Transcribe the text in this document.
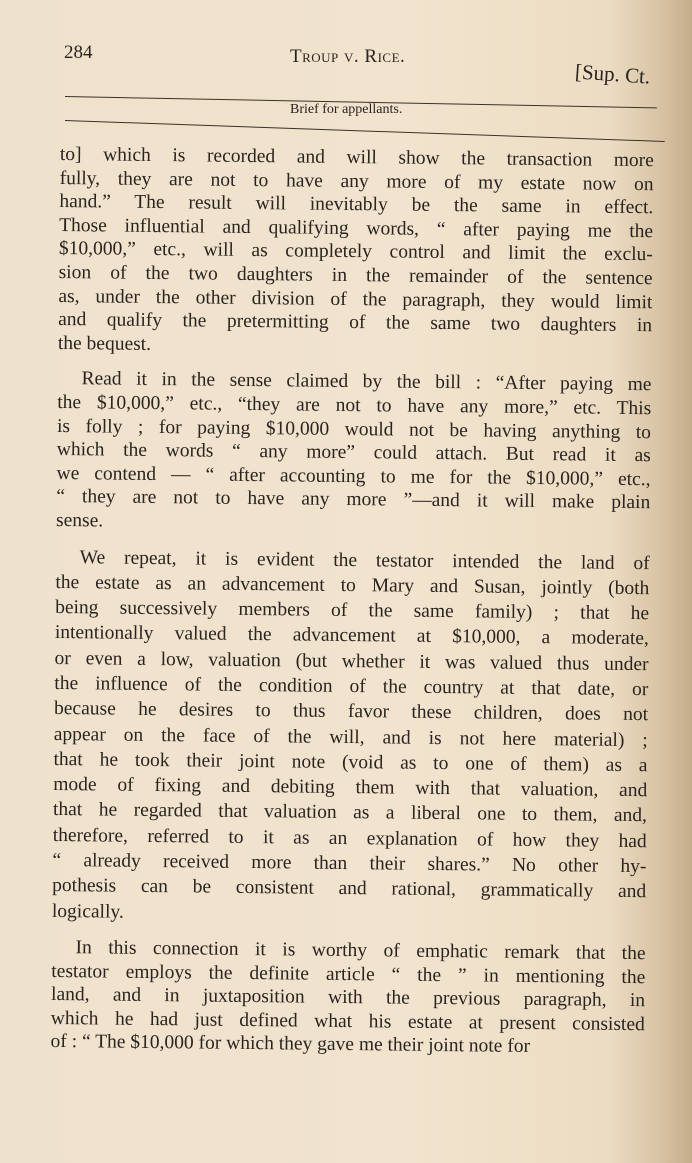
284	Troup v. Rice.
[Sup. Ct.
Brief for appellants.
to] which is recorded and will show the transaction more
fully, they are not to have any more of my estate now on
hand.” The result will inevitably be the same in effect.
Those influential and qualifying words, “ after paying me the
$10,000,” etc., will as completely control and limit the exclu-
sion of the two daughters in the remainder of the sentence
as, under the other division of the paragraph, they would limit
and qualify the pretermitting of the same two daughters in
the bequest.
Read it in the sense claimed by the bill : “After paying me
the $10,000,” etc., “they are not to have any more,” etc. This
is folly ; for paying $10,000 would not be having anything to
which the words “ any more” could attach. But read it as
we contend — “ after accounting to me for the $10,000,” etc.,
“ they are not to have any more ”—and it will make plain
sense.
We repeat, it is evident the testator intended the land of
the estate as an advancement to Mary and Susan, jointly (both
being successively members of the same family) ; that he
intentionally valued the advancement at $10,000, a moderate,
or even a low, valuation (but whether it was valued thus under
the influence of the condition of the country at that date, or
because he desires to thus favor these children, does not
appear on the face of the will, and is not here material) ;
that he took their joint note (void as to one of them) as a
mode of fixing and debiting them with that valuation, and
that he regarded that valuation as a liberal one to them, and,
therefore, referred to it as an explanation of how they had
“ already received more than their shares.” No other hy-
pothesis can be consistent and rational, grammatically and
logically.
In this connection it is worthy of emphatic remark that the
testator employs the definite article “ the ” in mentioning the
land, and in juxtaposition with the previous paragraph, in
which he had just defined what his estate at present consisted
of : “ The $10,000 for which they gave me their joint note for
